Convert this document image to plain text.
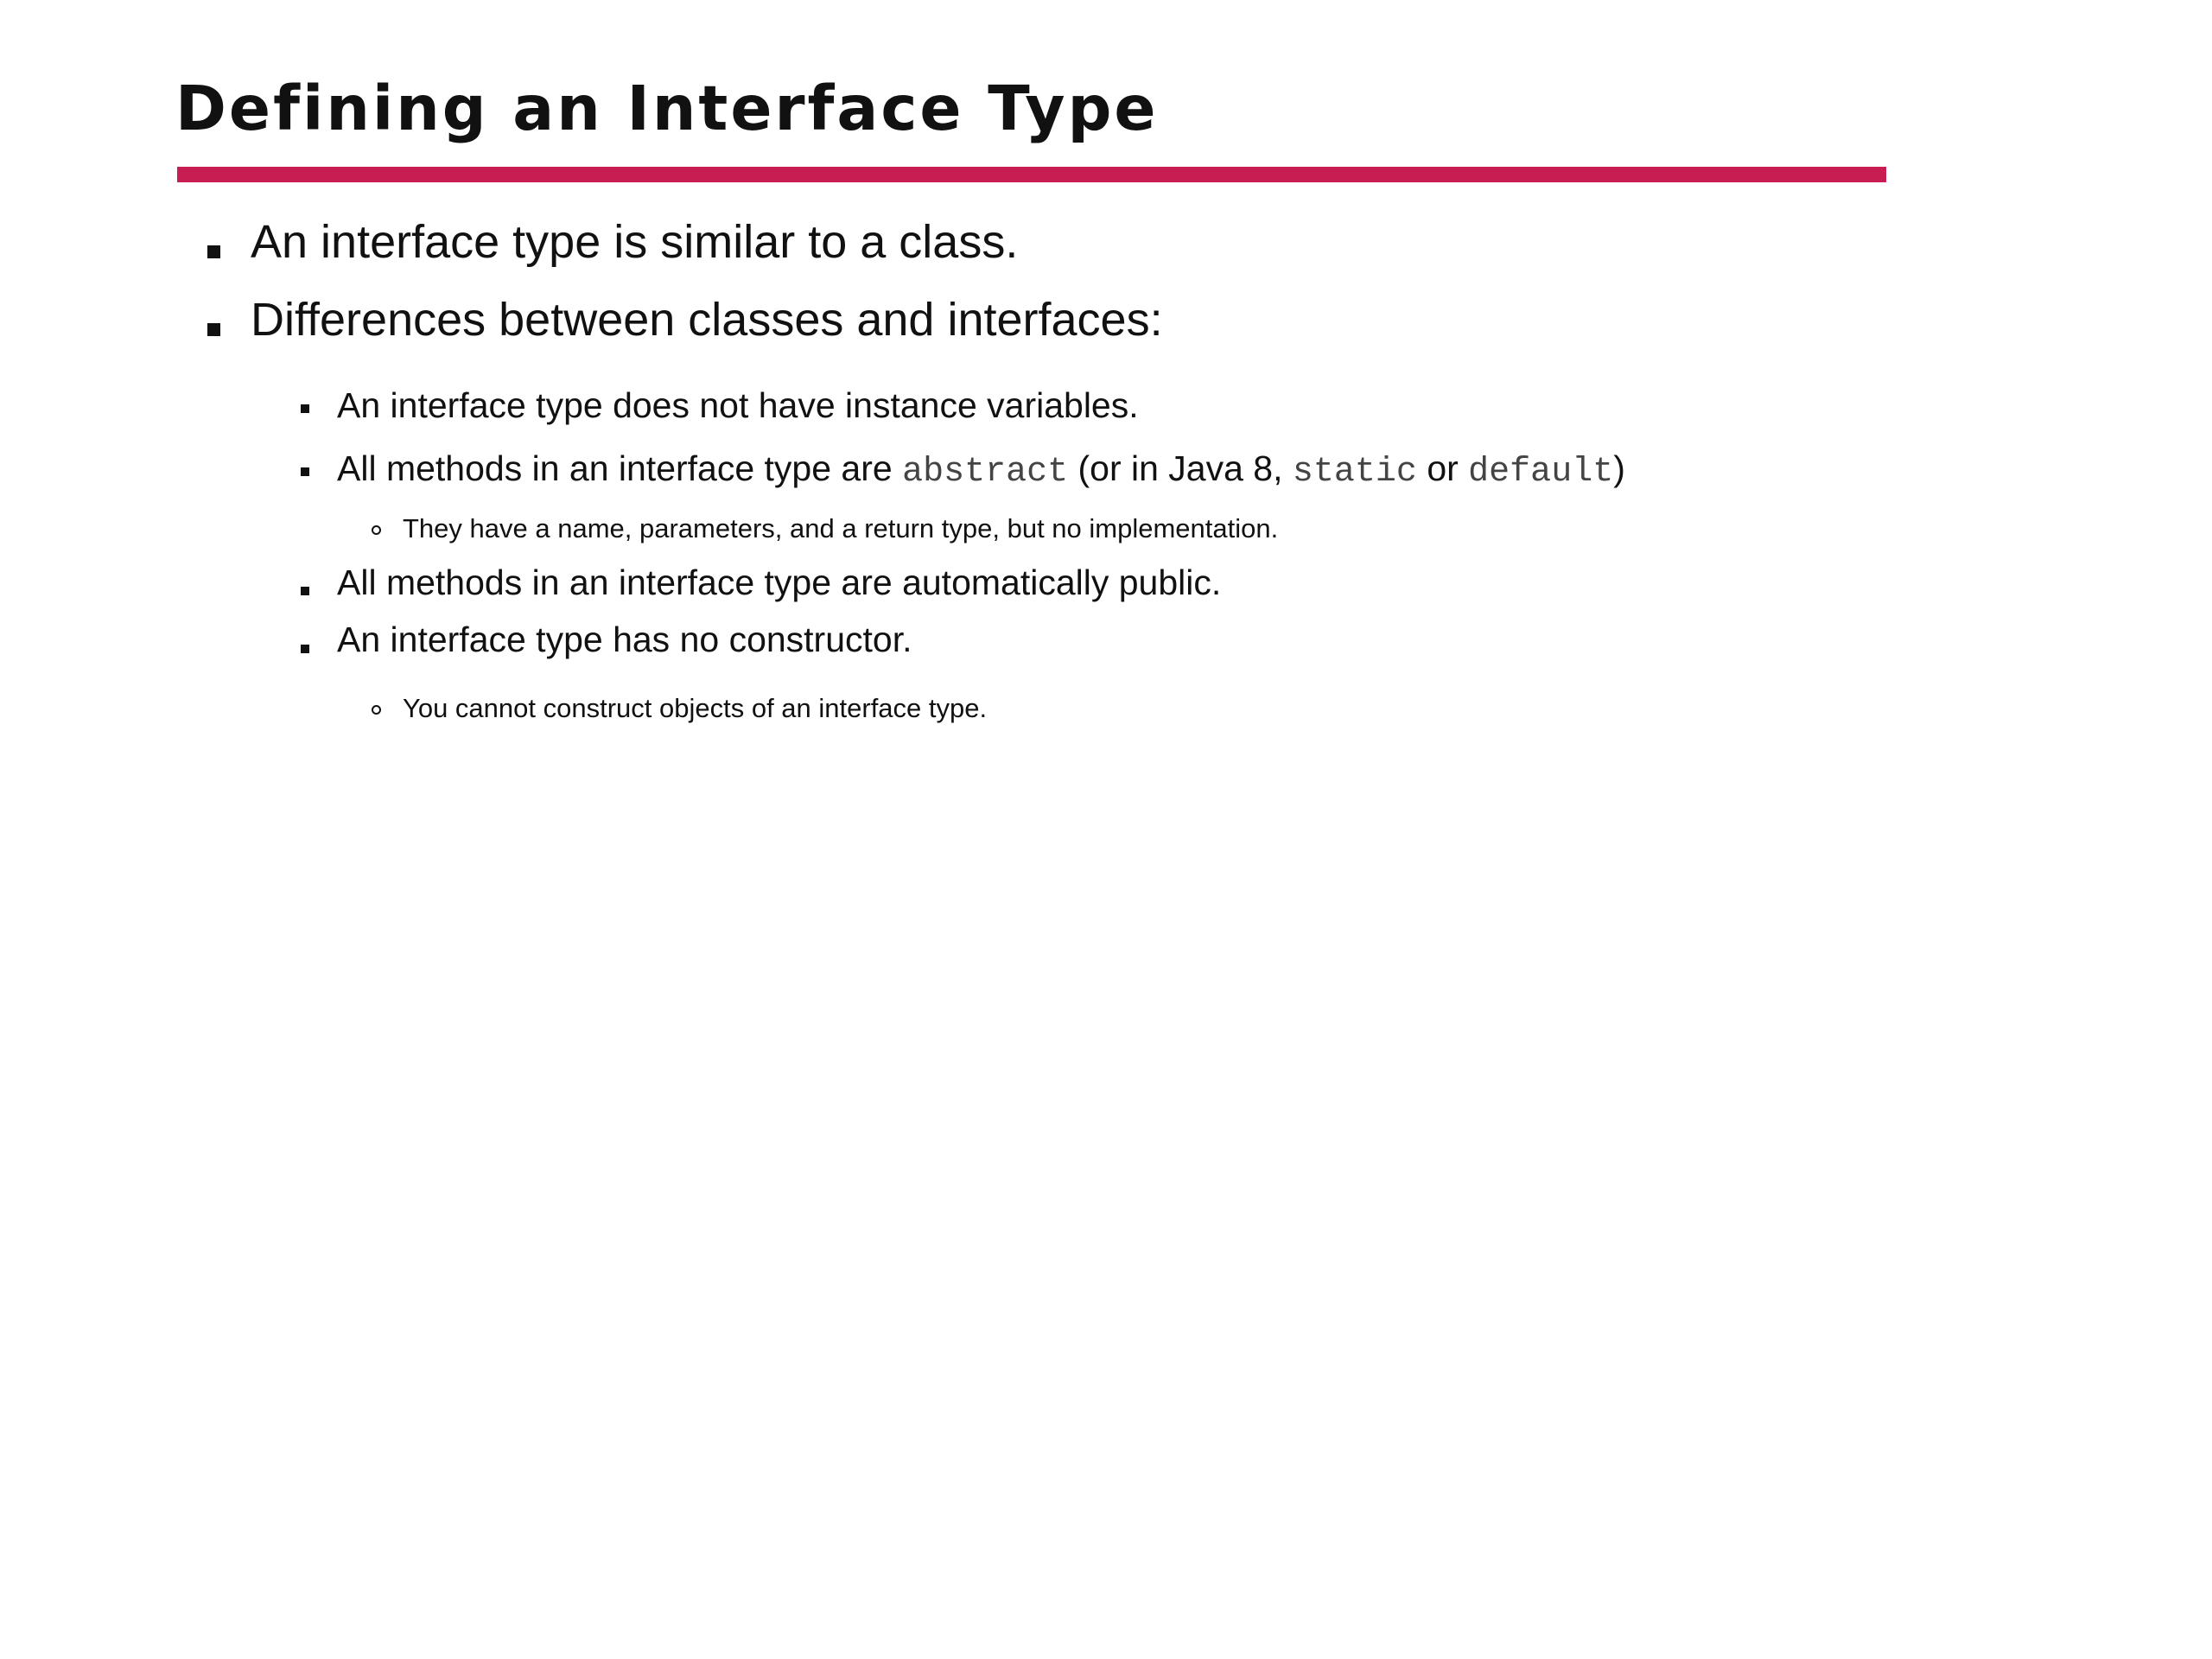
Defining an Interface Type
An interface type is similar to a class.
Differences between classes and interfaces:
An interface type does not have instance variables.
All methods in an interface type are abstract (or in Java 8, static or default)
They have a name, parameters, and a return type, but no implementation.
All methods in an interface type are automatically public.
An interface type has no constructor.
You cannot construct objects of an interface type.
